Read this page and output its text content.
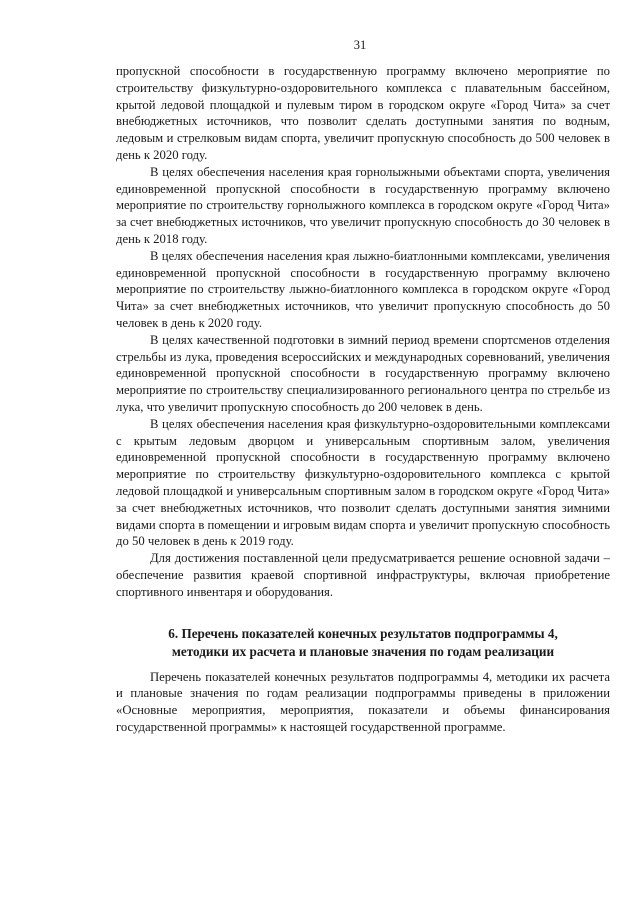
31

пропускной способности в государственную программу включено мероприятие по строительству физкультурно-оздоровительного комплекса с плавательным бассейном, крытой ледовой площадкой и пулевым тиром в городском округе «Город Чита» за счет внебюджетных источников, что позволит сделать доступными занятия по водным, ледовым и стрелковым видам спорта, увеличит пропускную способность до 500 человек в день к 2020 году.

В целях обеспечения населения края горнолыжными объектами спорта, увеличения единовременной пропускной способности в государственную программу включено мероприятие по строительству горнолыжного комплекса в городском округе «Город Чита» за счет внебюджетных источников, что увеличит пропускную способность до 30 человек в день к 2018 году.

В целях обеспечения населения края лыжно-биатлонными комплексами, увеличения единовременной пропускной способности в государственную программу включено мероприятие по строительству лыжно-биатлонного комплекса в городском округе «Город Чита» за счет внебюджетных источников, что увеличит пропускную способность до 50 человек в день к 2020 году.

В целях качественной подготовки в зимний период времени спортсменов отделения стрельбы из лука, проведения всероссийских и международных соревнований, увеличения единовременной пропускной способности в государственную программу включено мероприятие по строительству специализированного регионального центра по стрельбе из лука, что увеличит пропускную способность до 200 человек в день.

В целях обеспечения населения края физкультурно-оздоровительными комплексами с крытым ледовым дворцом и универсальным спортивным залом, увеличения единовременной пропускной способности в государственную программу включено мероприятие по строительству физкультурно-оздоровительного комплекса с крытой ледовой площадкой и универсальным спортивным залом в городском округе «Город Чита» за счет внебюджетных источников, что позволит сделать доступными занятия зимними видами спорта в помещении и игровым видам спорта и увеличит пропускную способность до 50 человек в день к 2019 году.

Для достижения поставленной цели предусматривается решение основной задачи – обеспечение развития краевой спортивной инфраструктуры, включая приобретение спортивного инвентаря и оборудования.

6. Перечень показателей конечных результатов подпрограммы 4,
методики их расчета и плановые значения по годам реализации

Перечень показателей конечных результатов подпрограммы 4, методики их расчета и плановые значения по годам реализации подпрограммы приведены в приложении «Основные мероприятия, мероприятия, показатели и объемы финансирования государственной программы» к настоящей государственной программе.
